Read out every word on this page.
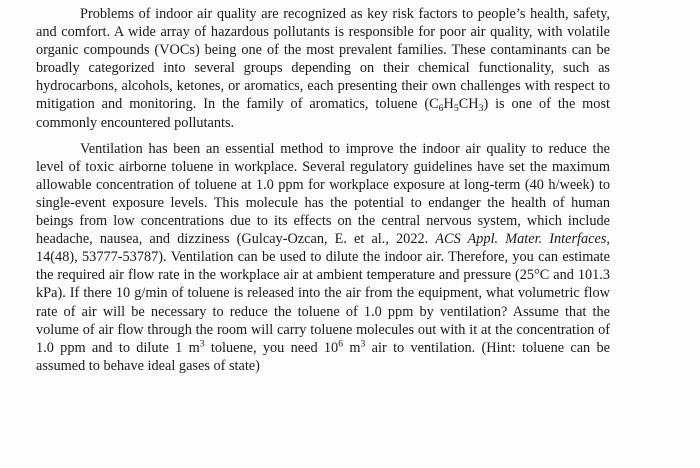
Problems of indoor air quality are recognized as key risk factors to people’s health, safety, and comfort. A wide array of hazardous pollutants is responsible for poor air quality, with volatile organic compounds (VOCs) being one of the most prevalent families. These contaminants can be broadly categorized into several groups depending on their chemical functionality, such as hydrocarbons, alcohols, ketones, or aromatics, each presenting their own challenges with respect to mitigation and monitoring. In the family of aromatics, toluene $(C_6H_5CH_3)$ is one of the most commonly encountered pollutants.

Ventilation has been an essential method to improve the indoor air quality to reduce the level of toxic airborne toluene in workplace. Several regulatory guidelines have set the maximum allowable concentration of toluene at 1.0 ppm for workplace exposure at long-term (40 h/week) to single-event exposure levels. This molecule has the potential to endanger the health of human beings from low concentrations due to its effects on the central nervous system, which include headache, nausea, and dizziness (Gulcay-Ozcan, E. et al., 2022. ACS Appl. Mater. Interfaces, 14(48), 53777-53787). Ventilation can be used to dilute the indoor air. Therefore, you can estimate the required air flow rate in the workplace air at ambient temperature and pressure (25°C and 101.3 kPa). If there 10 g/min of toluene is released into the air from the equipment, what volumetric flow rate of air will be necessary to reduce the toluene of 1.0 ppm by ventilation? Assume that the volume of air flow through the room will carry toluene molecules out with it at the concentration of 1.0 ppm and to dilute 1 $m^3$ toluene, you need $10^6$ $m^3$ air to ventilation. (Hint: toluene can be assumed to behave ideal gases of state)
